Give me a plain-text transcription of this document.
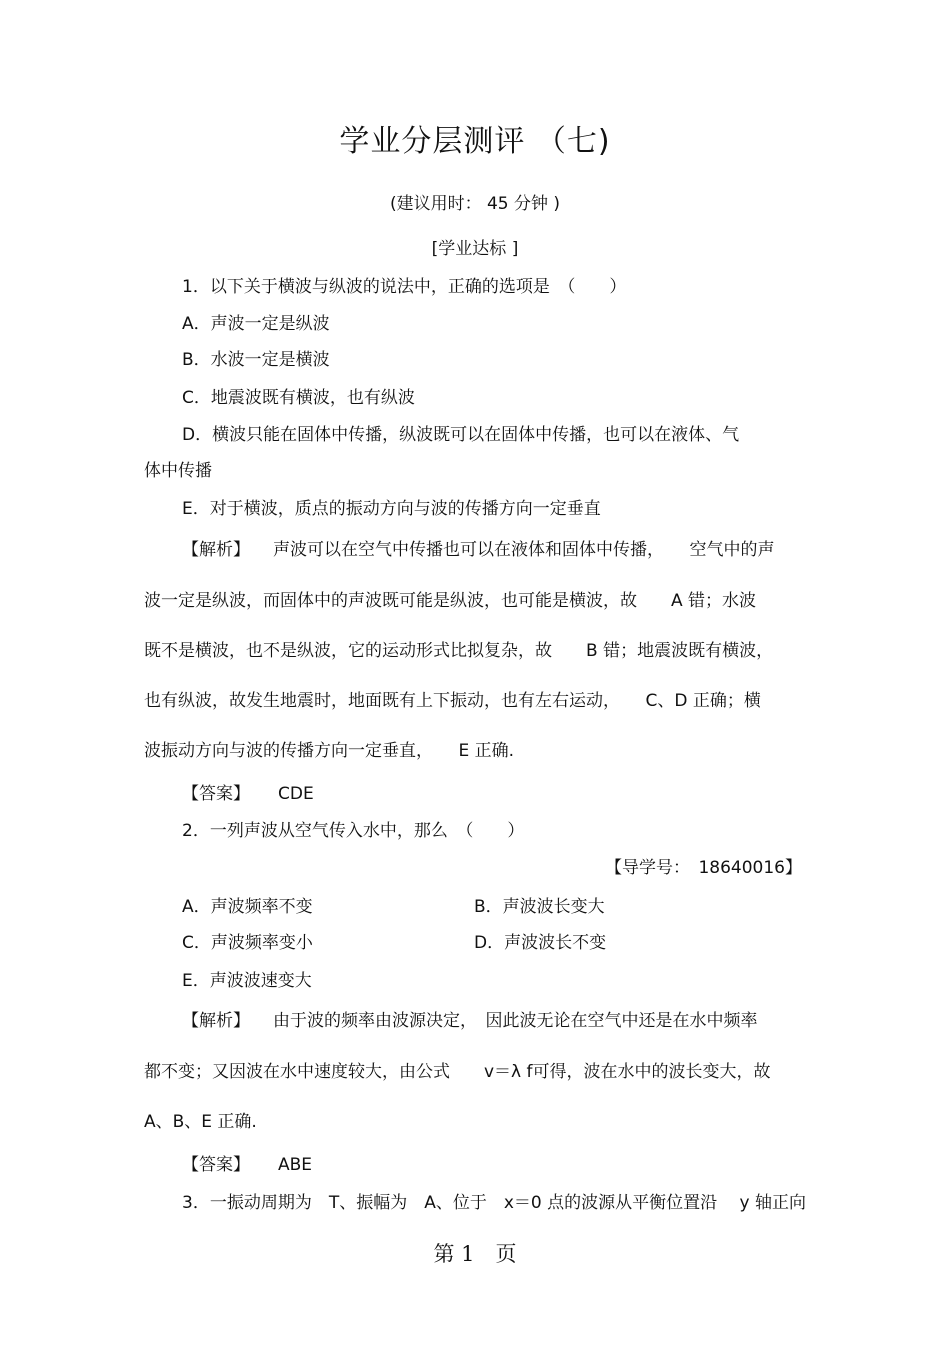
学业分层测评 （七)
(建议用时： 45 分钟 )
[学业达标 ]
1．以下关于横波与纵波的说法中，正确的选项是　（　　）
A．声波一定是纵波
B．水波一定是横波
C．地震波既有横波，也有纵波
D．横波只能在固体中传播，纵波既可以在固体中传播，也可以在液体、气
体中传播
E．对于横波，质点的振动方向与波的传播方向一定垂直
【解析】 声波可以在空气中传播也可以在液体和固体中传播，　　空气中的声
波一定是纵波，而固体中的声波既可能是纵波，也可能是横波，故　　A 错；水波
既不是横波，也不是纵波，它的运动形式比拟复杂，故　　B 错；地震波既有横波，
也有纵波，故发生地震时，地面既有上下振动，也有左右运动，　　C、D 正确；横
波振动方向与波的传播方向一定垂直，　　E 正确.
【答案】 CDE
2．一列声波从空气传入水中，那么　（　　）
【导学号：　18640016】
A．声波频率不变	B．声波波长变大
C．声波频率变小	D．声波波长不变
E．声波波速变大
【解析】 由于波的频率由波源决定，　因此波无论在空气中还是在水中频率
都不变；又因波在水中速度较大，由公式　　v＝λ f可得，波在水中的波长变大，故
A、B、E 正确.
【答案】 ABE
3．一振动周期为　T、振幅为　A、位于　x＝0 点的波源从平衡位置沿　 y 轴正向
第 1　页
